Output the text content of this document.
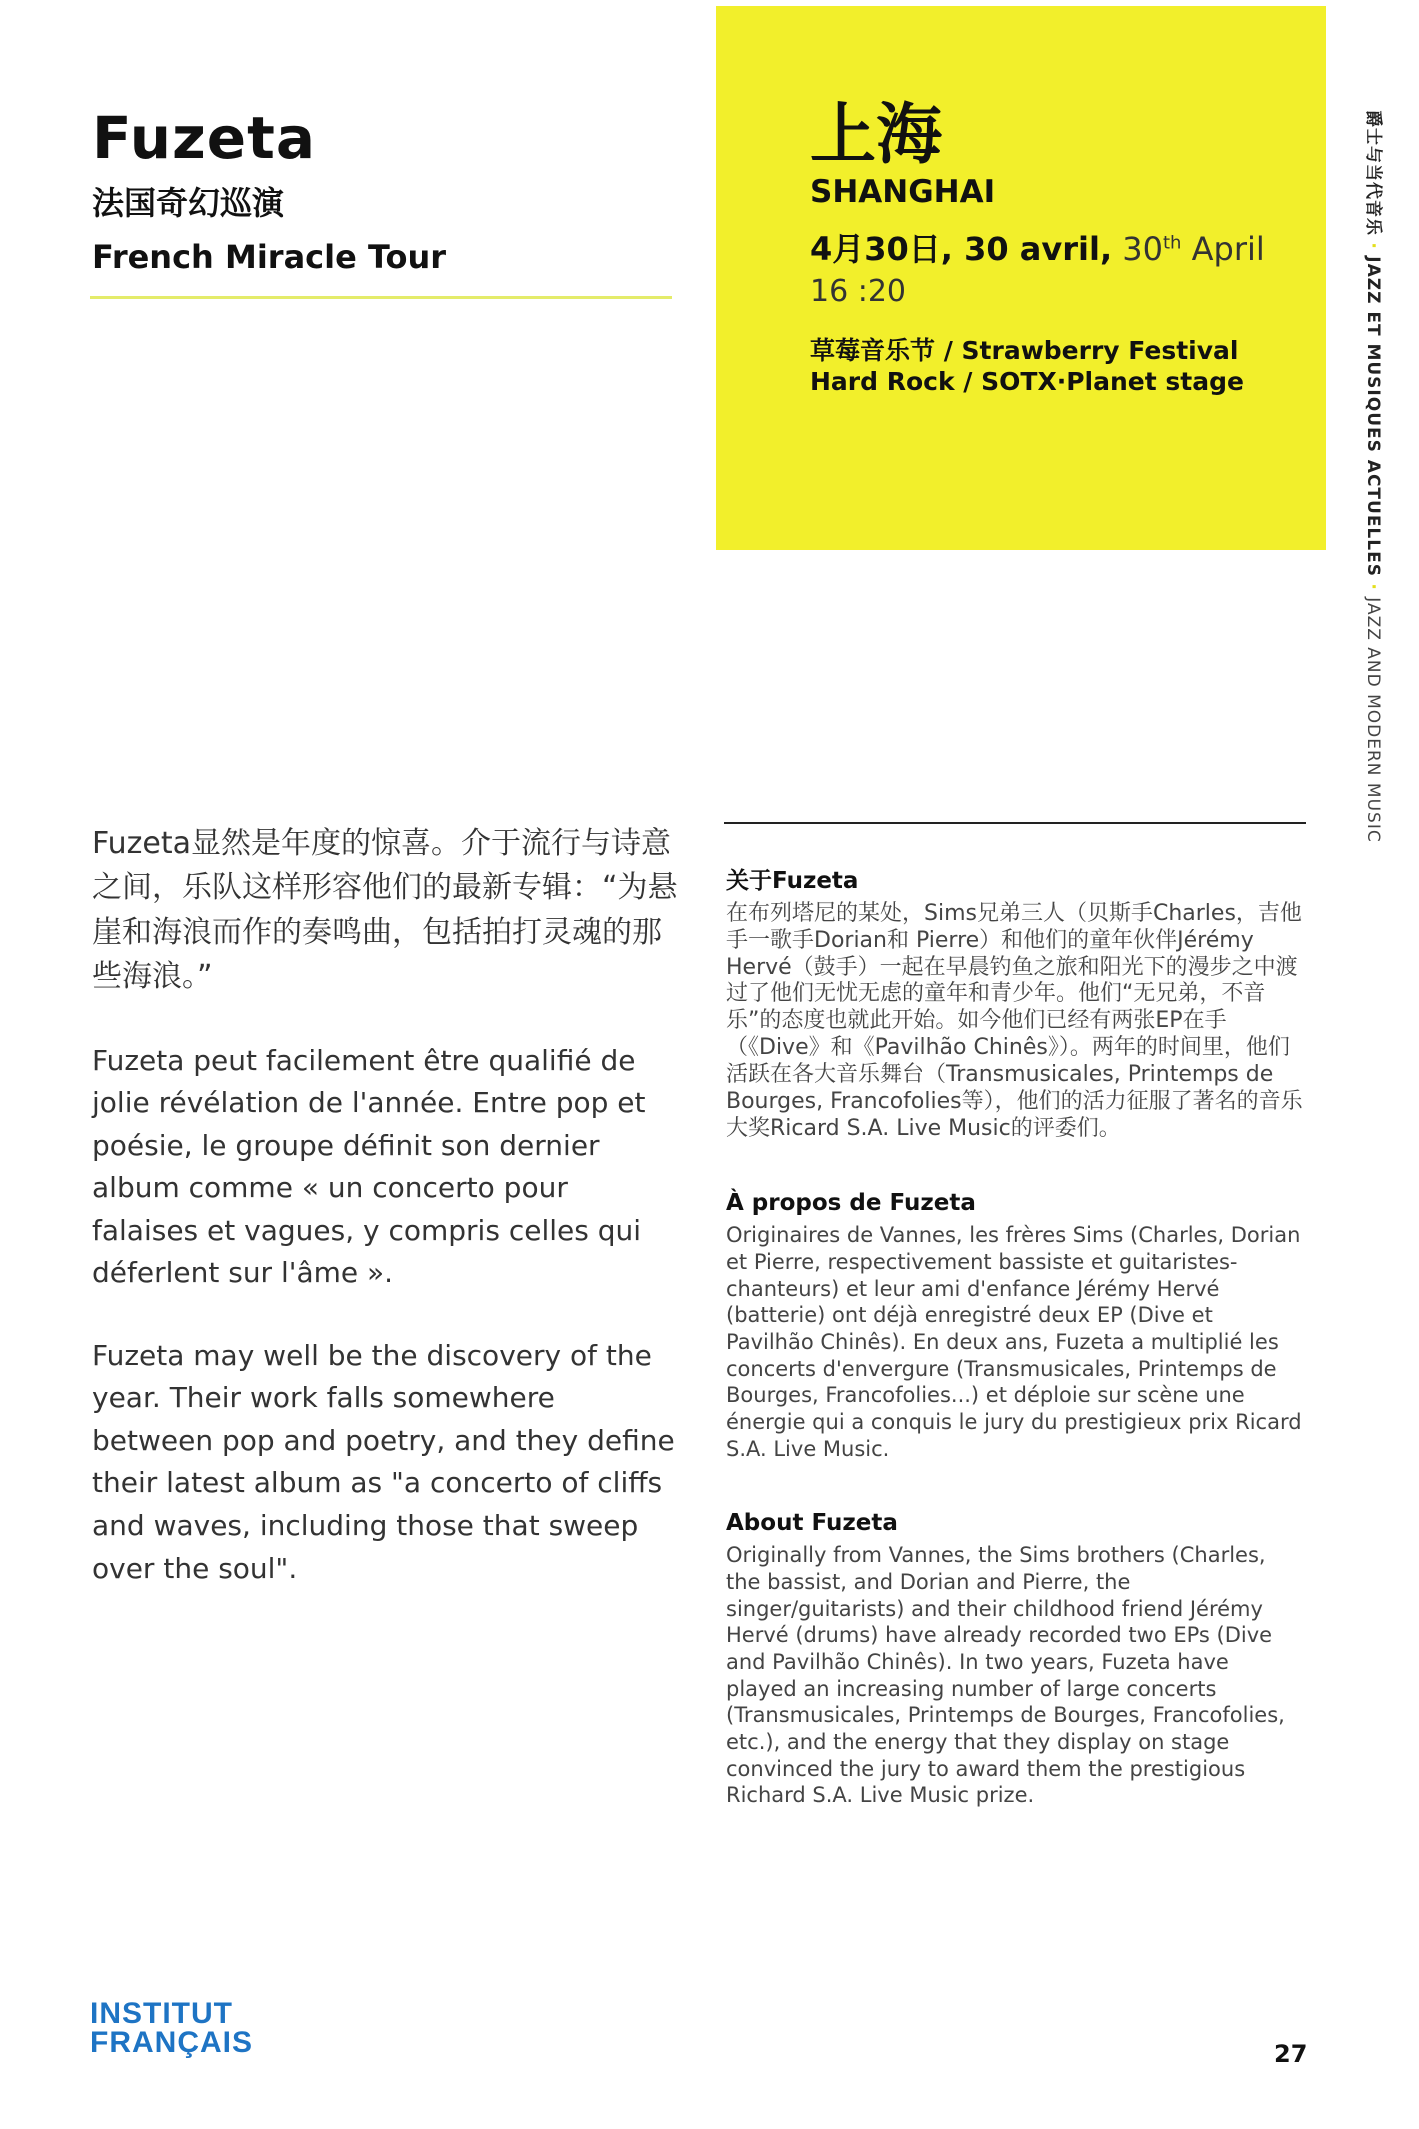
Fuzeta
法国奇幻巡演
French Miracle Tour
上海
SHANGHAI
4月30日, 30 avril, 30th April
16 :20
草莓音乐节 / Strawberry Festival
Hard Rock / SOTX·Planet stage
爵士与当代音乐 · JAZZ ET MUSIQUES ACTUELLES · JAZZ AND MODERN MUSIC

Fuzeta显然是年度的惊喜。介于流行与诗意之间，乐队这样形容他们的最新专辑：“为悬崖和海浪而作的奏鸣曲，包括拍打灵魂的那些海浪。”

Fuzeta peut facilement être qualifié de jolie révélation de l'année. Entre pop et poésie, le groupe définit son dernier album comme « un concerto pour falaises et vagues, y compris celles qui déferlent sur l'âme ».

Fuzeta may well be the discovery of the year. Their work falls somewhere between pop and poetry, and they define their latest album as "a concerto of cliffs and waves, including those that sweep over the soul".

关于Fuzeta
在布列塔尼的某处，Sims兄弟三人（贝斯手Charles，吉他手一歌手Dorian和 Pierre）和他们的童年伙伴Jérémy Hervé（鼓手）一起在早晨钓鱼之旅和阳光下的漫步之中渡过了他们无忧无虑的童年和青少年。他们“无兄弟，不音乐”的态度也就此开始。如今他们已经有两张EP在手（《Dive》和《Pavilhão Chinês》）。两年的时间里，他们活跃在各大音乐舞台（Transmusicales, Printemps de Bourges, Francofolies等），他们的活力征服了著名的音乐大奖Ricard S.A. Live Music的评委们。
À propos de Fuzeta
Originaires de Vannes, les frères Sims (Charles, Dorian et Pierre, respectivement bassiste et guitaristes-chanteurs) et leur ami d'enfance Jérémy Hervé (batterie) ont déjà enregistré deux EP (Dive et Pavilhão Chinês). En deux ans, Fuzeta a multiplié les concerts d'envergure (Transmusicales, Printemps de Bourges, Francofolies...) et déploie sur scène une énergie qui a conquis le jury du prestigieux prix Ricard S.A. Live Music.
About Fuzeta
Originally from Vannes, the Sims brothers (Charles, the bassist, and Dorian and Pierre, the singer/guitarists) and their childhood friend Jérémy Hervé (drums) have already recorded two EPs (Dive and Pavilhão Chinês). In two years, Fuzeta have played an increasing number of large concerts (Transmusicales, Printemps de Bourges, Francofolies, etc.), and the energy that they display on stage convinced the jury to award them the prestigious Richard S.A. Live Music prize.
INSTITUT
FRANÇAIS	27
